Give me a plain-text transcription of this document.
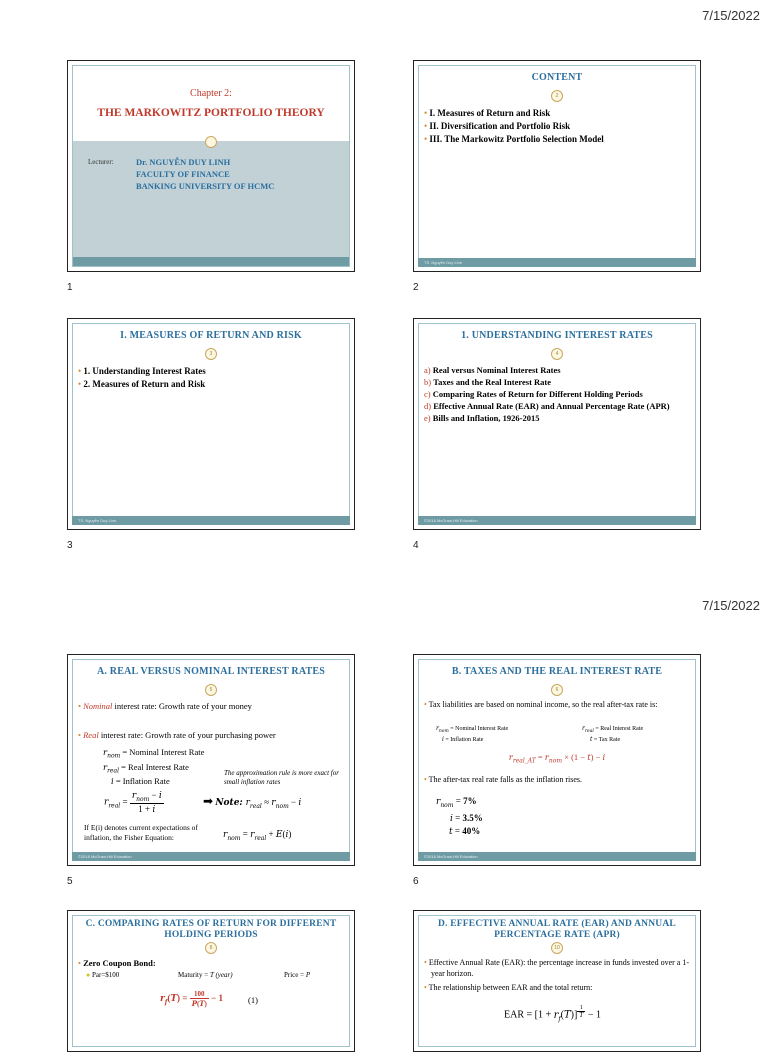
7/15/2022
7/15/2022
Chapter 2:
THE MARKOWITZ PORTFOLIO THEORY
Lecturer:	Dr. NGUYỄN DUY LINH
FACULTY OF FINANCE
BANKING UNIVERSITY OF HCMC
1
CONTENT
2
• I. Measures of Return and Risk
• II. Diversification and Portfolio Risk
• III. The Markowitz Portfolio Selection Model
TS. Nguyễn Duy Linh
2
I. MEASURES OF RETURN AND RISK
3
• 1. Understanding Interest Rates
• 2. Measures of Return and Risk
TS. Nguyễn Duy Linh
3
1. UNDERSTANDING INTEREST RATES
4
a) Real versus Nominal Interest Rates
b) Taxes and the Real Interest Rate
c) Comparing Rates of Return for Different Holding Periods
d) Effective Annual Rate (EAR) and Annual Percentage Rate (APR)
e) Bills and Inflation, 1926-2015
©2018 McGraw-Hill Education
4
A. REAL VERSUS NOMINAL INTEREST RATES
5
• Nominal interest rate: Growth rate of your money
• Real interest rate: Growth rate of your purchasing power
$r_{nom}$ = Nominal Interest Rate
$r_{real}$ = Real Interest Rate
i = Inflation Rate
$r_{real} = \frac{r_{nom} - i}{1 + i}$
The approximation rule is more exact for small inflation rates
➡ Note: $r_{real} \approx r_{nom} - i$
If E(i) denotes current expectations of inflation, the Fisher Equation:	$r_{nom} = r_{real} + E(i)$
©2018 McGraw-Hill Education
5
B. TAXES AND THE REAL INTEREST RATE
6
• Tax liabilities are based on nominal income, so the real after-tax rate is:
$r_{nom}$ = Nominal Interest Rate
i = Inflation Rate
$r_{real}$ = Real Interest Rate
t = Tax Rate
$r_{real\_AT} = r_{nom} \times (1 - t) - i$
• The after-tax real rate falls as the inflation rises.
$r_{nom} = 7\%$
i = 3.5%
t = 40%
©2018 McGraw-Hill Education
6
C. COMPARING RATES OF RETURN FOR DIFFERENT HOLDING PERIODS
8
• Zero Coupon Bond:
● Par=$100	Maturity = T (year)	Price = P
$r_f(T) = \frac{100}{P(T)} - 1$	(1)
D. EFFECTIVE ANNUAL RATE (EAR) AND ANNUAL PERCENTAGE RATE (APR)
10
• Effective Annual Rate (EAR): the percentage increase in funds invested over a 1-year horizon.
• The relationship between EAR and the total return:
EAR = $[1 + r_f(T)]$ $^{\frac{1}{T}}$ − 1
